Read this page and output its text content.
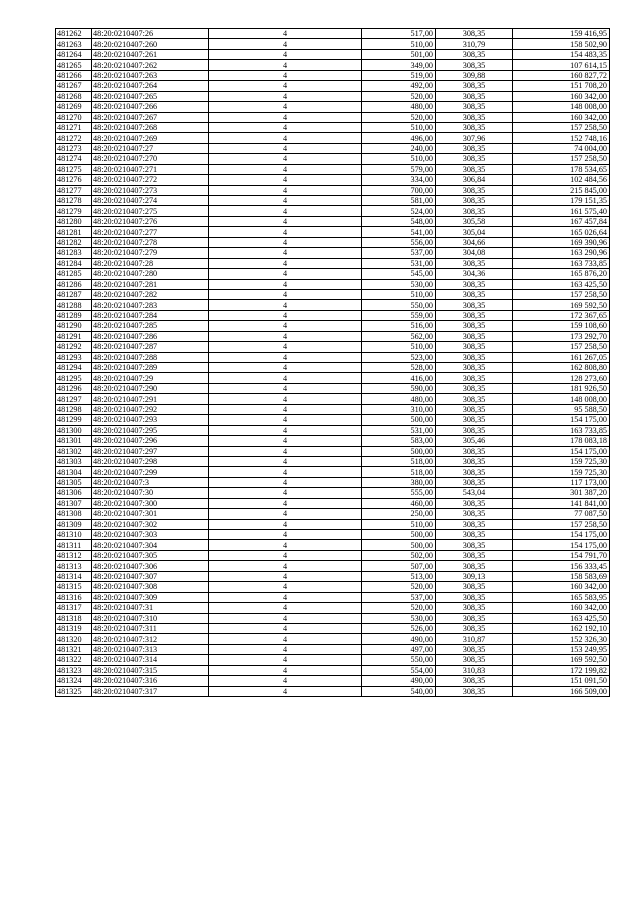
481262	48:20:0210407:26	4	517,00	308,35	159 416,95
481263	48:20:0210407:260	4	510,00	310,79	158 502,90
481264	48:20:0210407:261	4	501,00	308,35	154 483,35
481265	48:20:0210407:262	4	349,00	308,35	107 614,15
481266	48:20:0210407:263	4	519,00	309,88	160 827,72
481267	48:20:0210407:264	4	492,00	308,35	151 708,20
481268	48:20:0210407:265	4	520,00	308,35	160 342,00
481269	48:20:0210407:266	4	480,00	308,35	148 008,00
481270	48:20:0210407:267	4	520,00	308,35	160 342,00
481271	48:20:0210407:268	4	510,00	308,35	157 258,50
481272	48:20:0210407:269	4	496,00	307,96	152 748,16
481273	48:20:0210407:27	4	240,00	308,35	74 004,00
481274	48:20:0210407:270	4	510,00	308,35	157 258,50
481275	48:20:0210407:271	4	579,00	308,35	178 534,65
481276	48:20:0210407:272	4	334,00	306,84	102 484,56
481277	48:20:0210407:273	4	700,00	308,35	215 845,00
481278	48:20:0210407:274	4	581,00	308,35	179 151,35
481279	48:20:0210407:275	4	524,00	308,35	161 575,40
481280	48:20:0210407:276	4	548,00	305,58	167 457,84
481281	48:20:0210407:277	4	541,00	305,04	165 026,64
481282	48:20:0210407:278	4	556,00	304,66	169 390,96
481283	48:20:0210407:279	4	537,00	304,08	163 290,96
481284	48:20:0210407:28	4	531,00	308,35	163 733,85
481285	48:20:0210407:280	4	545,00	304,36	165 876,20
481286	48:20:0210407:281	4	530,00	308,35	163 425,50
481287	48:20:0210407:282	4	510,00	308,35	157 258,50
481288	48:20:0210407:283	4	550,00	308,35	169 592,50
481289	48:20:0210407:284	4	559,00	308,35	172 367,65
481290	48:20:0210407:285	4	516,00	308,35	159 108,60
481291	48:20:0210407:286	4	562,00	308,35	173 292,70
481292	48:20:0210407:287	4	510,00	308,35	157 258,50
481293	48:20:0210407:288	4	523,00	308,35	161 267,05
481294	48:20:0210407:289	4	528,00	308,35	162 808,80
481295	48:20:0210407:29	4	416,00	308,35	128 273,60
481296	48:20:0210407:290	4	590,00	308,35	181 926,50
481297	48:20:0210407:291	4	480,00	308,35	148 008,00
481298	48:20:0210407:292	4	310,00	308,35	95 588,50
481299	48:20:0210407:293	4	500,00	308,35	154 175,00
481300	48:20:0210407:295	4	531,00	308,35	163 733,85
481301	48:20:0210407:296	4	583,00	305,46	178 083,18
481302	48:20:0210407:297	4	500,00	308,35	154 175,00
481303	48:20:0210407:298	4	518,00	308,35	159 725,30
481304	48:20:0210407:299	4	518,00	308,35	159 725,30
481305	48:20:0210407:3	4	380,00	308,35	117 173,00
481306	48:20:0210407:30	4	555,00	543,04	301 387,20
481307	48:20:0210407:300	4	460,00	308,35	141 841,00
481308	48:20:0210407:301	4	250,00	308,35	77 087,50
481309	48:20:0210407:302	4	510,00	308,35	157 258,50
481310	48:20:0210407:303	4	500,00	308,35	154 175,00
481311	48:20:0210407:304	4	500,00	308,35	154 175,00
481312	48:20:0210407:305	4	502,00	308,35	154 791,70
481313	48:20:0210407:306	4	507,00	308,35	156 333,45
481314	48:20:0210407:307	4	513,00	309,13	158 583,69
481315	48:20:0210407:308	4	520,00	308,35	160 342,00
481316	48:20:0210407:309	4	537,00	308,35	165 583,95
481317	48:20:0210407:31	4	520,00	308,35	160 342,00
481318	48:20:0210407:310	4	530,00	308,35	163 425,50
481319	48:20:0210407:311	4	526,00	308,35	162 192,10
481320	48:20:0210407:312	4	490,00	310,87	152 326,30
481321	48:20:0210407:313	4	497,00	308,35	153 249,95
481322	48:20:0210407:314	4	550,00	308,35	169 592,50
481323	48:20:0210407:315	4	554,00	310,83	172 199,82
481324	48:20:0210407:316	4	490,00	308,35	151 091,50
481325	48:20:0210407:317	4	540,00	308,35	166 509,00
